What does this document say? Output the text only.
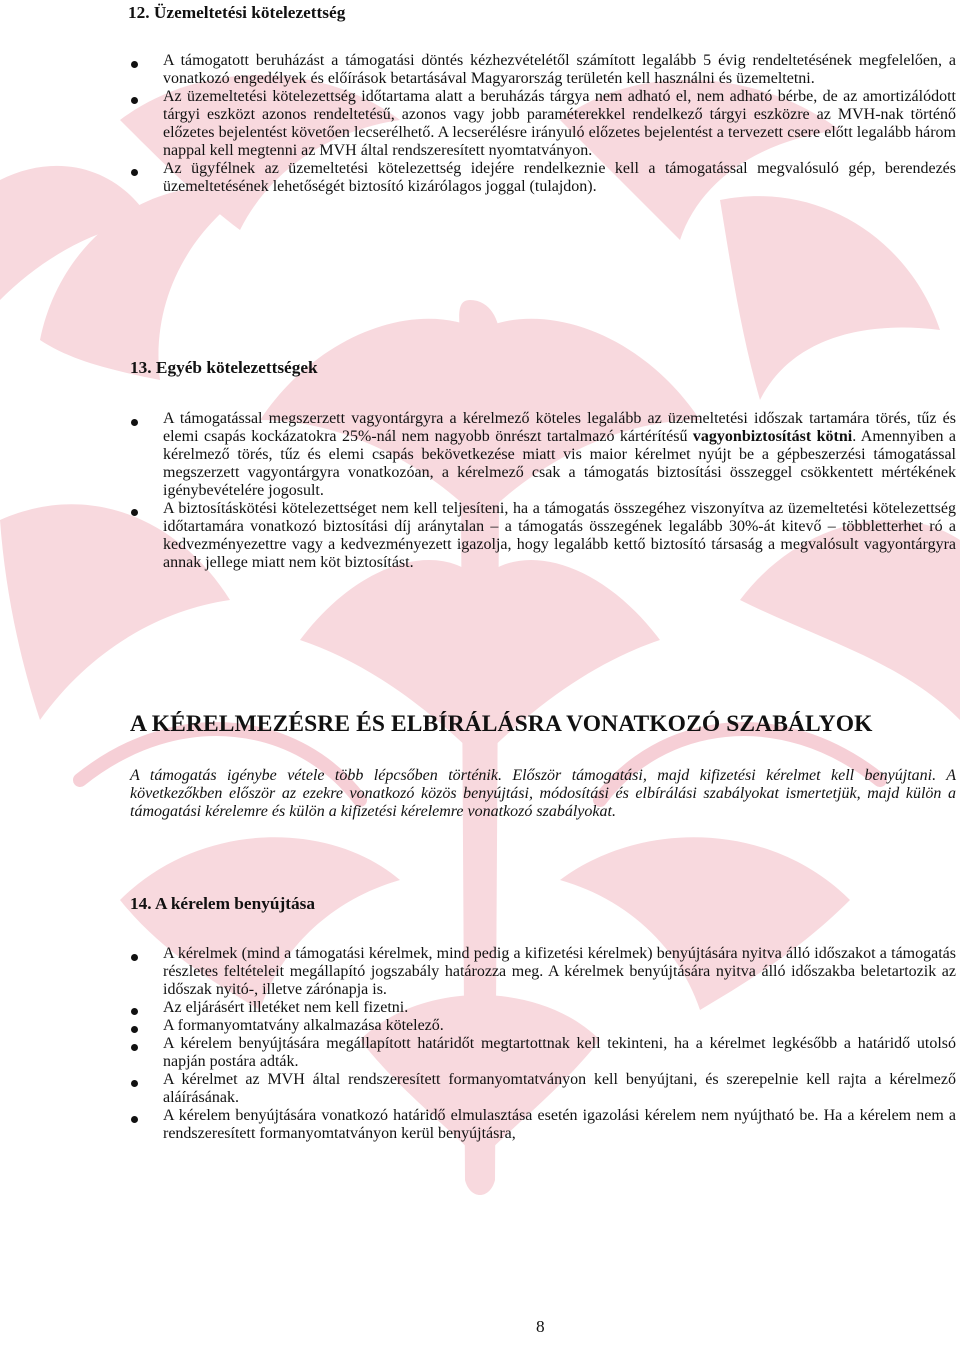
12. Üzemeltetési kötelezettség
A támogatott beruházást a támogatási döntés kézhezvételétől számított legalább 5 évig rendeltetésének megfelelően, a vonatkozó engedélyek és előírások betartásával Magyarország területén kell használni és üzemeltetni.
Az üzemeltetési kötelezettség időtartama alatt a beruházás tárgya nem adható el, nem adható bérbe, de az amortizálódott tárgyi eszközt azonos rendeltetésű, azonos vagy jobb paraméterekkel rendelkező tárgyi eszközre az MVH-nak történő előzetes bejelentést követően lecserélhető. A lecserélésre irányuló előzetes bejelentést a tervezett csere előtt legalább három nappal kell megtenni az MVH által rendszeresített nyomtatványon.
Az ügyfélnek az üzemeltetési kötelezettség idejére rendelkeznie kell a támogatással megvalósuló gép, berendezés üzemeltetésének lehetőségét biztosító kizárólagos joggal (tulajdon).
13. Egyéb kötelezettségek
A támogatással megszerzett vagyontárgyra a kérelmező köteles legalább az üzemeltetési időszak tartamára törés, tűz és elemi csapás kockázatokra 25%-nál nem nagyobb önrészt tartalmazó kártérítésű vagyonbiztosítást kötni. Amennyiben a kérelmező törés, tűz és elemi csapás bekövetkezése miatt vis maior kérelmet nyújt be a gépbeszerzési támogatással megszerzett vagyontárgyra vonatkozóan, a kérelmező csak a támogatás biztosítási összeggel csökkentett mértékének igénybevételére jogosult.
A biztosításkötési kötelezettséget nem kell teljesíteni, ha a támogatás összegéhez viszonyítva az üzemeltetési kötelezettség időtartamára vonatkozó biztosítási díj aránytalan – a támogatás összegének legalább 30%-át kitevő – többletterhet ró a kedvezményezettre vagy a kedvezményezett igazolja, hogy legalább kettő biztosító társaság a megvalósult vagyontárgyra annak jellege miatt nem köt biztosítást.
A KÉRELMEZÉSRE ÉS ELBÍRÁLÁSRA VONATKOZÓ SZABÁLYOK
A támogatás igénybe vétele több lépcsőben történik. Először támogatási, majd kifizetési kérelmet kell benyújtani. A következőkben először az ezekre vonatkozó közös benyújtási, módosítási és elbírálási szabályokat ismertetjük, majd külön a támogatási kérelemre és külön a kifizetési kérelemre vonatkozó szabályokat.
14. A kérelem benyújtása
A kérelmek (mind a támogatási kérelmek, mind pedig a kifizetési kérelmek) benyújtására nyitva álló időszakot a támogatás részletes feltételeit megállapító jogszabály határozza meg. A kérelmek benyújtására nyitva álló időszakba beletartozik az időszak nyitó-, illetve zárónapja is.
Az eljárásért illetéket nem kell fizetni.
A formanyomtatvány alkalmazása kötelező.
A kérelem benyújtására megállapított határidőt megtartottnak kell tekinteni, ha a kérelmet legkésőbb a határidő utolsó napján postára adták.
A kérelmet az MVH által rendszeresített formanyomtatványon kell benyújtani, és szerepelnie kell rajta a kérelmező aláírásának.
A kérelem benyújtására vonatkozó határidő elmulasztása esetén igazolási kérelem nem nyújtható be. Ha a kérelem nem a rendszeresített formanyomtatványon kerül benyújtásra,
8
